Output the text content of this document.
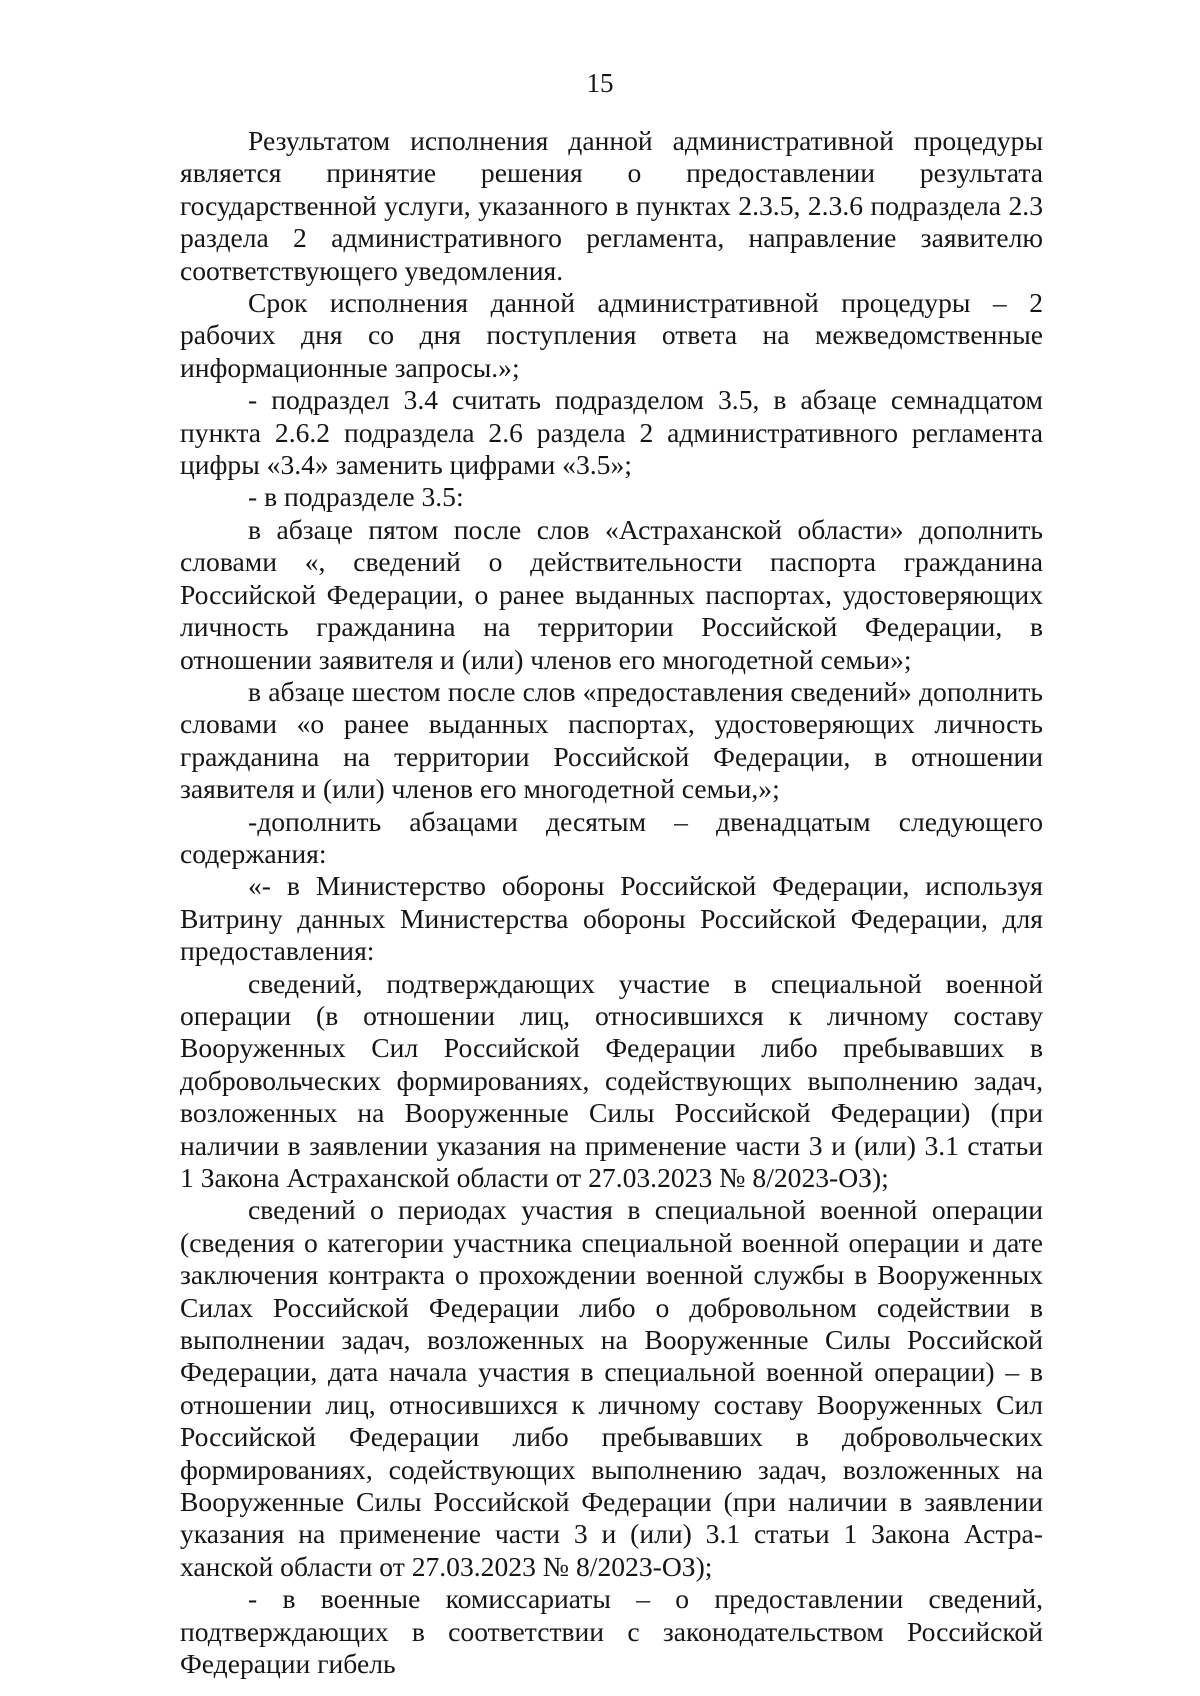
15

Результатом исполнения данной административной процедуры является принятие решения о предоставлении результата государственной услуги, указанного в пунктах 2.3.5, 2.3.6 подраздела 2.3 раздела 2 административного регламента, направление заявителю соответствующего уведомления.

Срок исполнения данной административной процедуры – 2 рабочих дня со дня поступления ответа на межведомственные информационные запросы.»;

- подраздел 3.4 считать подразделом 3.5, в абзаце семнадцатом пункта 2.6.2 подраздела 2.6 раздела 2 административного регламента цифры «3.4» заменить цифрами «3.5»;

- в подразделе 3.5:

в абзаце пятом после слов «Астраханской области» дополнить словами «, сведений о действительности паспорта гражданина Российской Федерации, о ранее выданных паспортах, удостоверяющих личность гражданина на территории Российской Федерации, в отношении заявителя и (или) членов его многодетной семьи»;

в абзаце шестом после слов «предоставления сведений» дополнить словами «о ранее выданных паспортах, удостоверяющих личность гражданина на территории Российской Федерации, в отношении заявителя и (или) членов его многодетной семьи,»;

-дополнить абзацами десятым – двенадцатым следующего содержания:

«- в Министерство обороны Российской Федерации, используя Витрину данных Министерства обороны Российской Федерации, для предоставления:

сведений, подтверждающих участие в специальной военной операции (в отношении лиц, относившихся к личному составу Вооруженных Сил Российской Федерации либо пребывавших в добровольческих формированиях, содействующих выполнению задач, возложенных на Вооруженные Силы Российской Федерации) (при наличии в заявлении указания на применение части 3 и (или) 3.1 статьи 1 Закона Астраханской области от 27.03.2023 № 8/2023-ОЗ);

сведений о периодах участия в специальной военной операции (сведения о категории участника специальной военной операции и дате заключения контракта о прохождении военной службы в Вооруженных Силах Российской Федерации либо о добровольном содействии в выполнении задач, возложенных на Вооруженные Силы Российской Федерации, дата начала участия в специальной военной операции) – в отношении лиц, относившихся к личному составу Вооруженных Сил Российской Федерации либо пребывавших в добровольческих формированиях, содействующих выполнению задач, возложенных на Вооруженные Силы Российской Федерации (при наличии в заявлении указания на применение части 3 и (или) 3.1 статьи 1 Закона Астраханской области от 27.03.2023 № 8/2023-ОЗ);

- в военные комиссариаты – о предоставлении сведений, подтверждающих в соответствии с законодательством Российской Федерации гибель
